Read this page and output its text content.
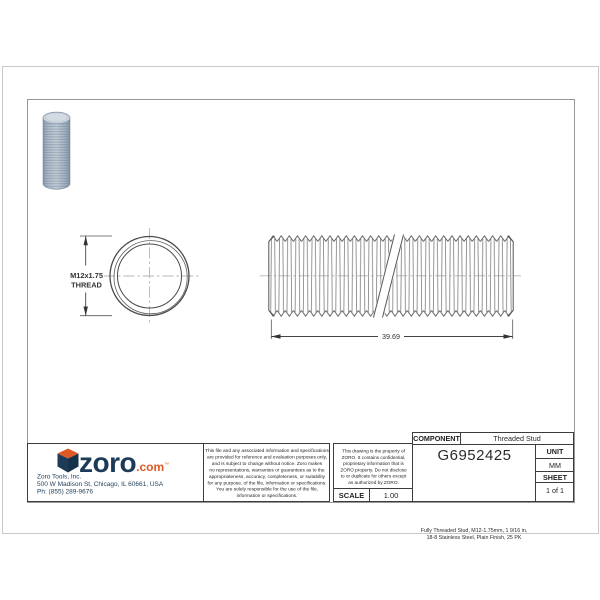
M12x1.75
THREAD
39.69
zoro .com ™
Zoro Tools, Inc.
500 W Madison St, Chicago, IL 60661, USA
Ph: (855) 289-9676
This file and any associated information and specifications
are provided for reference and evaluation purposes only,
and is subject to change without notice. Zoro makes
no representations, warranties or guarantees as to the
appropriateness, accuracy, completeness, or suitability
for any purpose, of the file, information or specifications.
You are solely responsible for the use of the file,
information or specifications.
This drawing is the property of
ZORO. It contains confidential,
proprietary information that is
ZORO property. Do not disclose
to or duplicate for others except
as authorized by ZORO.
SCALE	1.00
COMPONENT	Threaded Stud
G6952425
Fully Threaded Stud, M12-1.75mm, 1 9/16 in,
18-8 Stainless Steel, Plain Finish, 25 PK
UNIT
MM
SHEET
1 of 1
